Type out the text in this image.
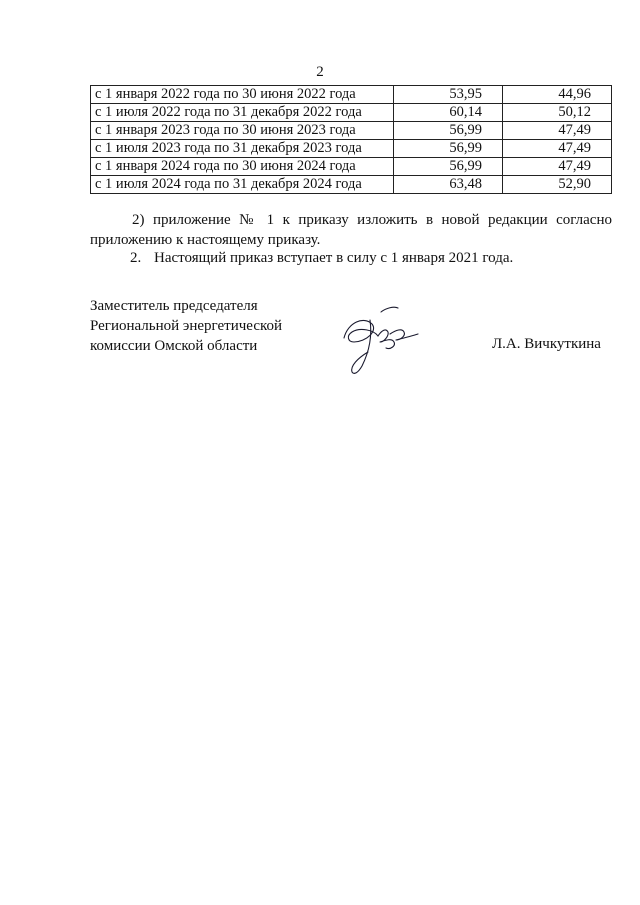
2
с 1 января 2022 года по 30 июня 2022 года	53,95	44,96
с 1 июля 2022 года по 31 декабря 2022 года	60,14	50,12
с 1 января 2023 года по 30 июня 2023 года	56,99	47,49
с 1 июля 2023 года по 31 декабря 2023 года	56,99	47,49
с 1 января 2024 года по 30 июня 2024 года	56,99	47,49
с 1 июля 2024 года по 31 декабря 2024 года	63,48	52,90
2) приложение № 1 к приказу изложить в новой редакции согласно приложению к настоящему приказу.
2. Настоящий приказ вступает в силу с 1 января 2021 года.
Заместитель председателя
Региональной энергетической
комиссии Омской области	Л.А. Вичкуткина
